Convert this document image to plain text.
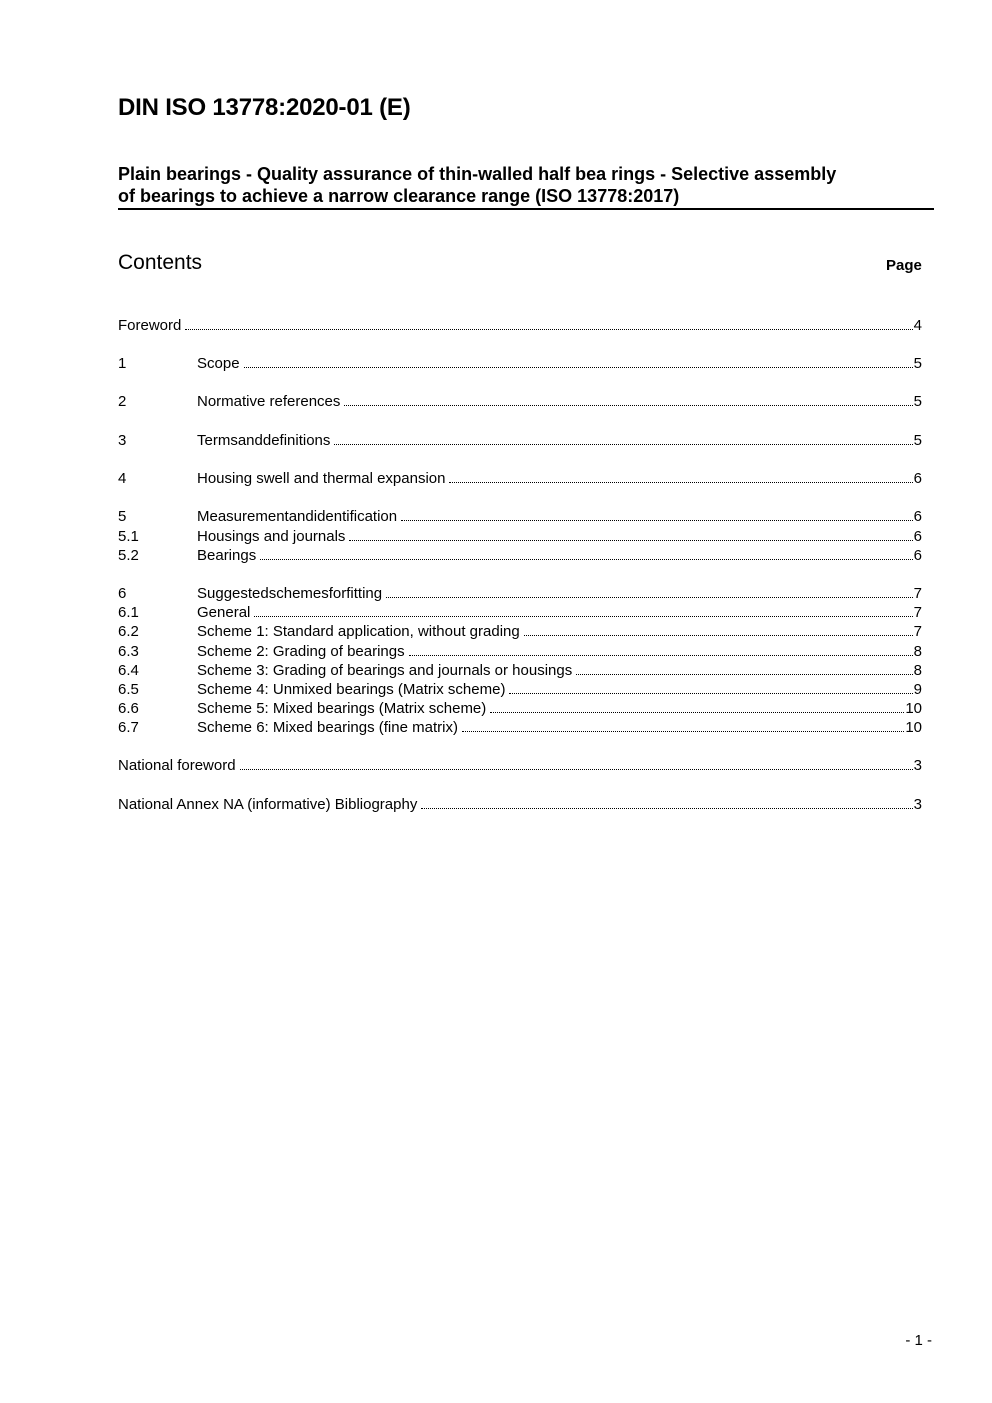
DIN ISO 13778:2020-01 (E)
Plain bearings - Quality assurance of thin-walled half bea rings - Selective assembly
of bearings to achieve a narrow clearance range (ISO 13778:2017)
Contents	Page
Foreword	4
1	Scope	5
2	Normative references	5
3	Termsanddefinitions	5
4	Housing swell and thermal expansion	6
5	Measurementandidentification	6
5.1	Housings and journals	6
5.2	Bearings	6
6	Suggestedschemesforfitting	7
6.1	General	7
6.2	Scheme 1: Standard application, without grading	7
6.3	Scheme 2: Grading of bearings	8
6.4	Scheme 3: Grading of bearings and journals or housings	8
6.5	Scheme 4: Unmixed bearings (Matrix scheme)	9
6.6	Scheme 5: Mixed bearings (Matrix scheme)	10
6.7	Scheme 6: Mixed bearings (fine matrix)	10
National foreword	3
National Annex NA (informative) Bibliography	3
- 1 -
